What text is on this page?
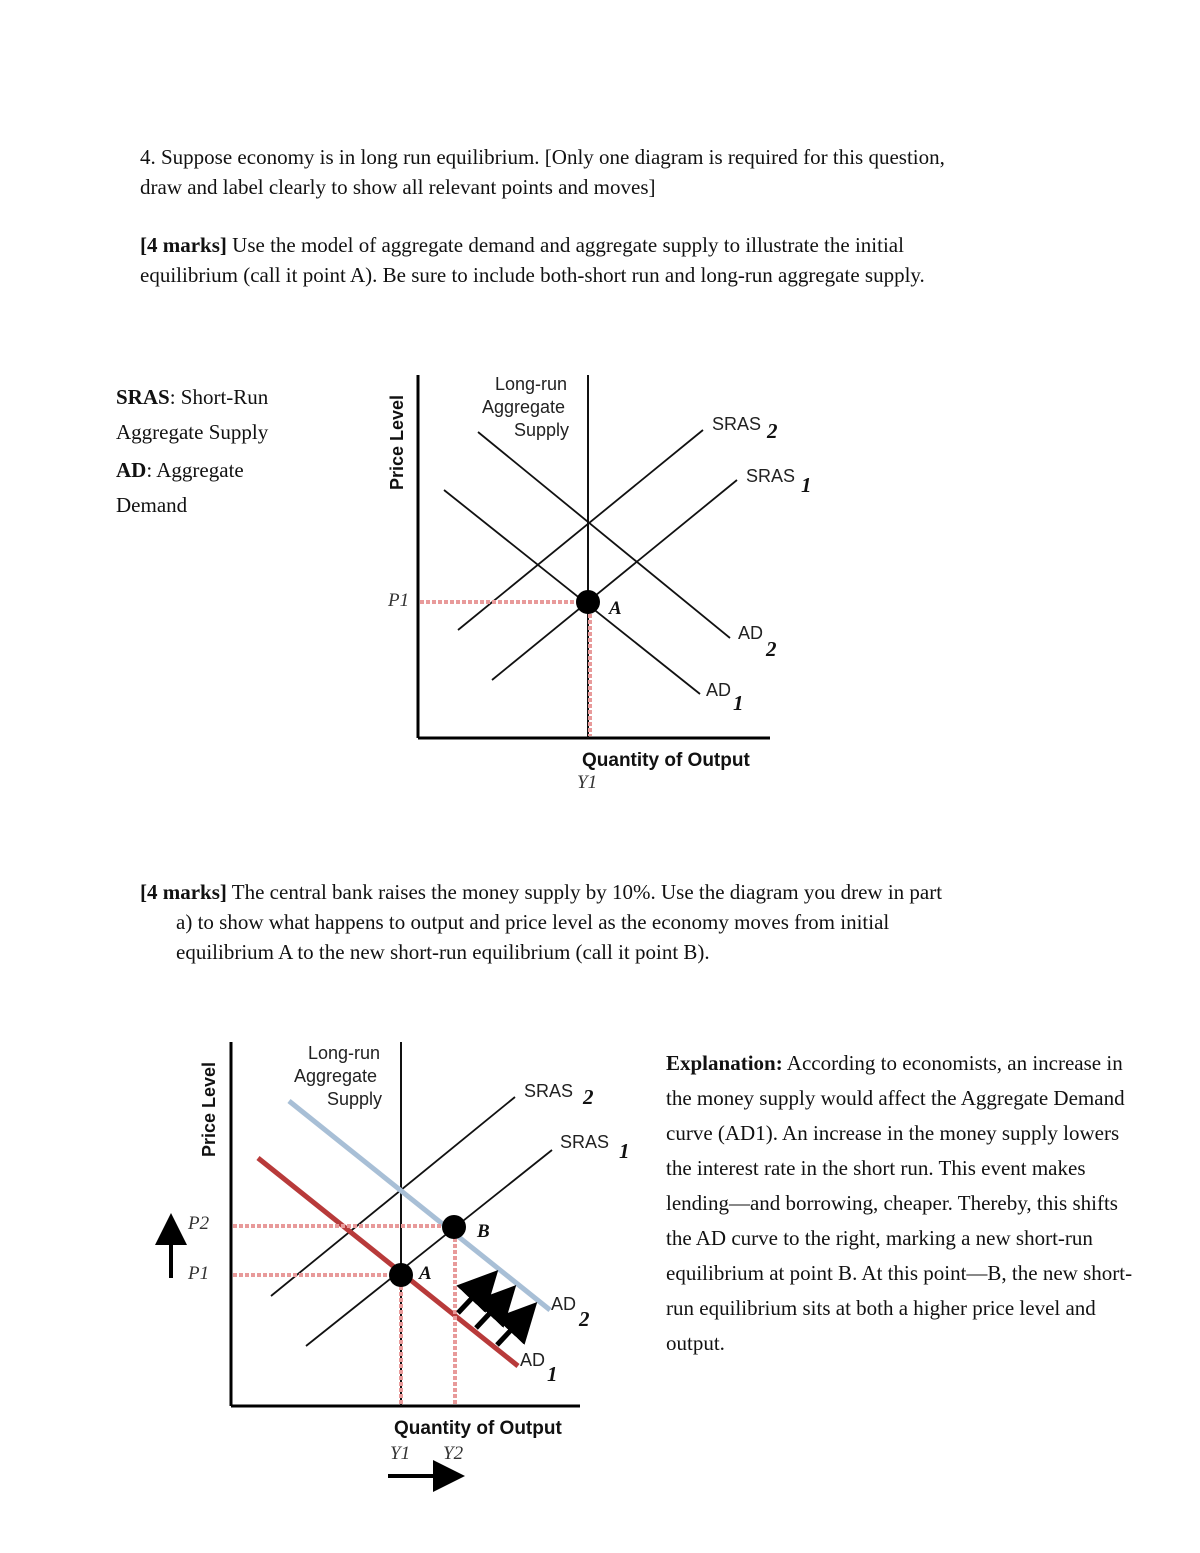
4. Suppose economy is in long run equilibrium. [Only one diagram is required for this question,
draw and label clearly to show all relevant points and moves]
[4 marks] Use the model of aggregate demand and aggregate supply to illustrate the initial
equilibrium (call it point A). Be sure to include both-short run and long-run aggregate supply.

SRAS: Short-Run Aggregate Supply

AD: Aggregate Demand

[4 marks] The central bank raises the money supply by 10%. Use the diagram you drew in part
a) to show what happens to output and price level as the economy moves from initial
equilibrium A to the new short-run equilibrium (call it point B).
Explanation: According to economists, an increase in the money supply would affect the Aggregate Demand curve (AD1). An increase in the money supply lowers the interest rate in the short run. This event makes lending—and borrowing, cheaper. Thereby, this shifts the AD curve to the right, marking a new short-run equilibrium at point B. At this point—B, the new short-run equilibrium sits at both a higher price level and output.
Price Level
Quantity of Output
Long-run
Aggregate
Supply	SRAS 2
SRAS 1
AD
2
AD
1
A
P1
Y1
Price Level
Quantity of Output
Long-run
Aggregate
Supply	SRAS 2
SRAS 1
AD
2
AD
1
A
B
P2
P1
Y1 Y2
